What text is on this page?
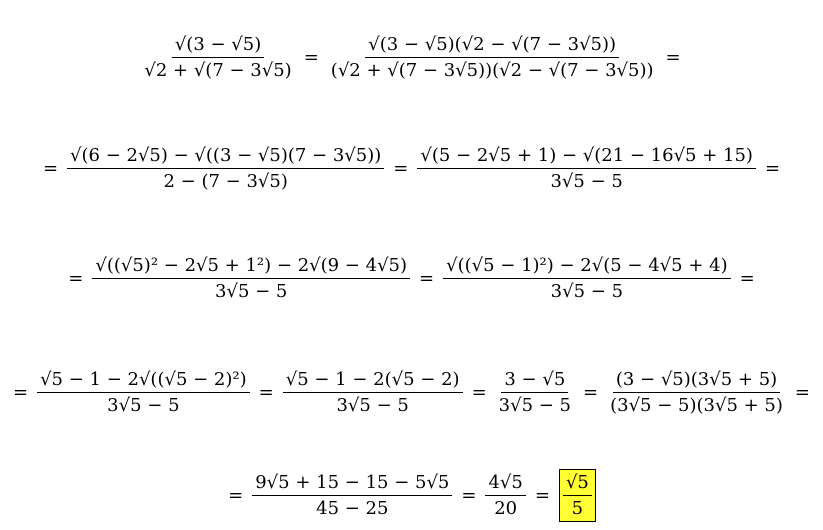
$\frac{√(3 - √5)}{√2 + √(7 - 3√5)} = \frac{√(3 - √5)(√2 - √(7 - 3√5))}{(√2 + √(7 - 3√5))(√2 - √(7 - 3√5))}$ =
= $\frac{√(6 - 2√5) - √((3 - √5)(7 - 3√5))}{2 - (7 - 3√5)} = \frac{√(5 - 2√5 + 1) - √(21 - 16√5 + 15)}{3√5 - 5}$ =
= $\frac{\text{√((√5)² − 2√5 + 1²) − 2√(9 − 4√5)}}{3√5 - 5} = \frac{\text{√((√5 − 1)²) − 2√(5 − 4√5 + 4)}}{3√5 - 5}$ =
= $\frac{\text{√5 − 1 − 2√((√5 − 2)²)}}{3√5 - 5} = \frac{√5 - 1 - 2(√5 - 2)}{3√5 - 5} = \frac{3 - √5}{3√5 - 5} = \frac{(3 - √5)(3√5 + 5)}{(3√5 - 5)(3√5 + 5)}$ =
= $\frac{9√5 + 15 - 15 - 5√5}{45 - 25} = \frac{4√5}{20} = \frac{√5}{5}$
